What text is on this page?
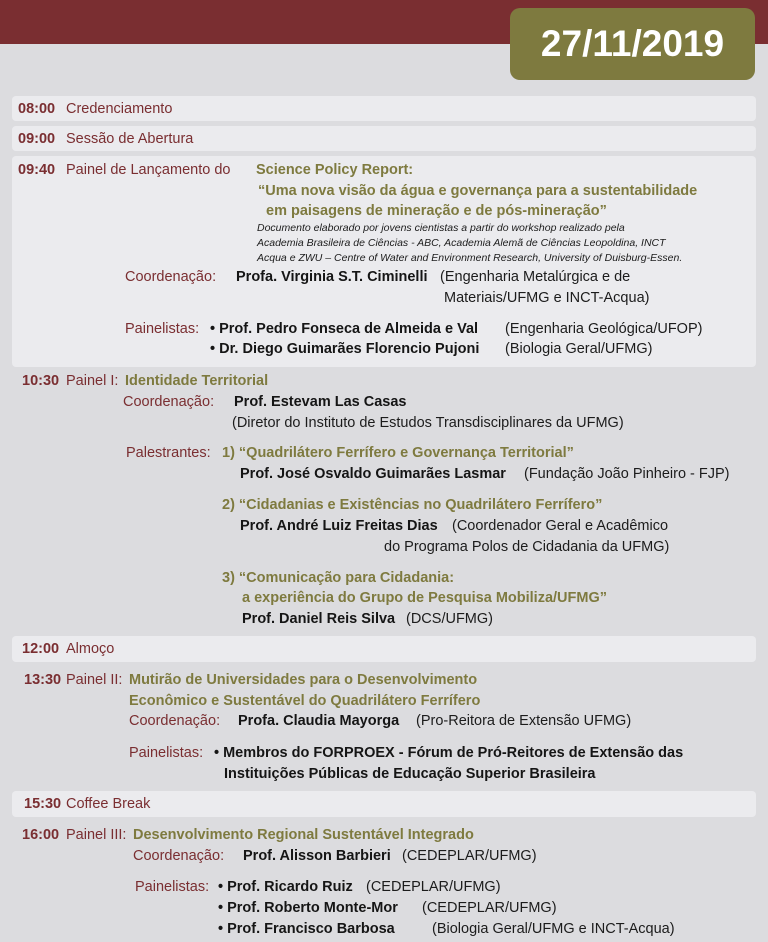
27/11/2019
08:00 Credenciamento
09:00 Sessão de Abertura
09:40 Painel de Lançamento do Science Policy Report:
“Uma nova visão da água e governança para a sustentabilidade
em paisagens de mineração e de pós-mineração”
Documento elaborado por jovens cientistas a partir do workshop realizado pela
Academia Brasileira de Ciências - ABC, Academia Alemã de Ciências Leopoldina, INCT
Acqua e ZWU – Centre of Water and Environment Research, University of Duisburg-Essen.
Coordenação: Profa. Virginia S.T. Ciminelli (Engenharia Metalúrgica e de
Materiais/UFMG e INCT-Acqua)
Painelistas: • Prof. Pedro Fonseca de Almeida e Val (Engenharia Geológica/UFOP)
• Dr. Diego Guimarães Florencio Pujoni (Biologia Geral/UFMG)
10:30 Painel I: Identidade Territorial
Coordenação: Prof. Estevam Las Casas
(Diretor do Instituto de Estudos Transdisciplinares da UFMG)
Palestrantes: 1) “Quadrilátero Ferrífero e Governança Territorial”
Prof. José Osvaldo Guimarães Lasmar (Fundação João Pinheiro - FJP)
2) “Cidadanias e Existências no Quadrilátero Ferrífero”
Prof. André Luiz Freitas Dias (Coordenador Geral e Acadêmico
do Programa Polos de Cidadania da UFMG)
3) “Comunicação para Cidadania:
a experiência do Grupo de Pesquisa Mobiliza/UFMG”
Prof. Daniel Reis Silva (DCS/UFMG)
12:00 Almoço
13:30 Painel II: Mutirão de Universidades para o Desenvolvimento
Econômico e Sustentável do Quadrilátero Ferrífero
Coordenação: Profa. Claudia Mayorga (Pro-Reitora de Extensão UFMG)
Painelistas: • Membros do FORPROEX - Fórum de Pró-Reitores de Extensão das
Instituições Públicas de Educação Superior Brasileira
15:30 Coffee Break
16:00 Painel III: Desenvolvimento Regional Sustentável Integrado
Coordenação: Prof. Alisson Barbieri (CEDEPLAR/UFMG)
Painelistas: • Prof. Ricardo Ruiz (CEDEPLAR/UFMG)
• Prof. Roberto Monte-Mor (CEDEPLAR/UFMG)
• Prof. Francisco Barbosa	(Biologia Geral/UFMG e INCT-Acqua)
